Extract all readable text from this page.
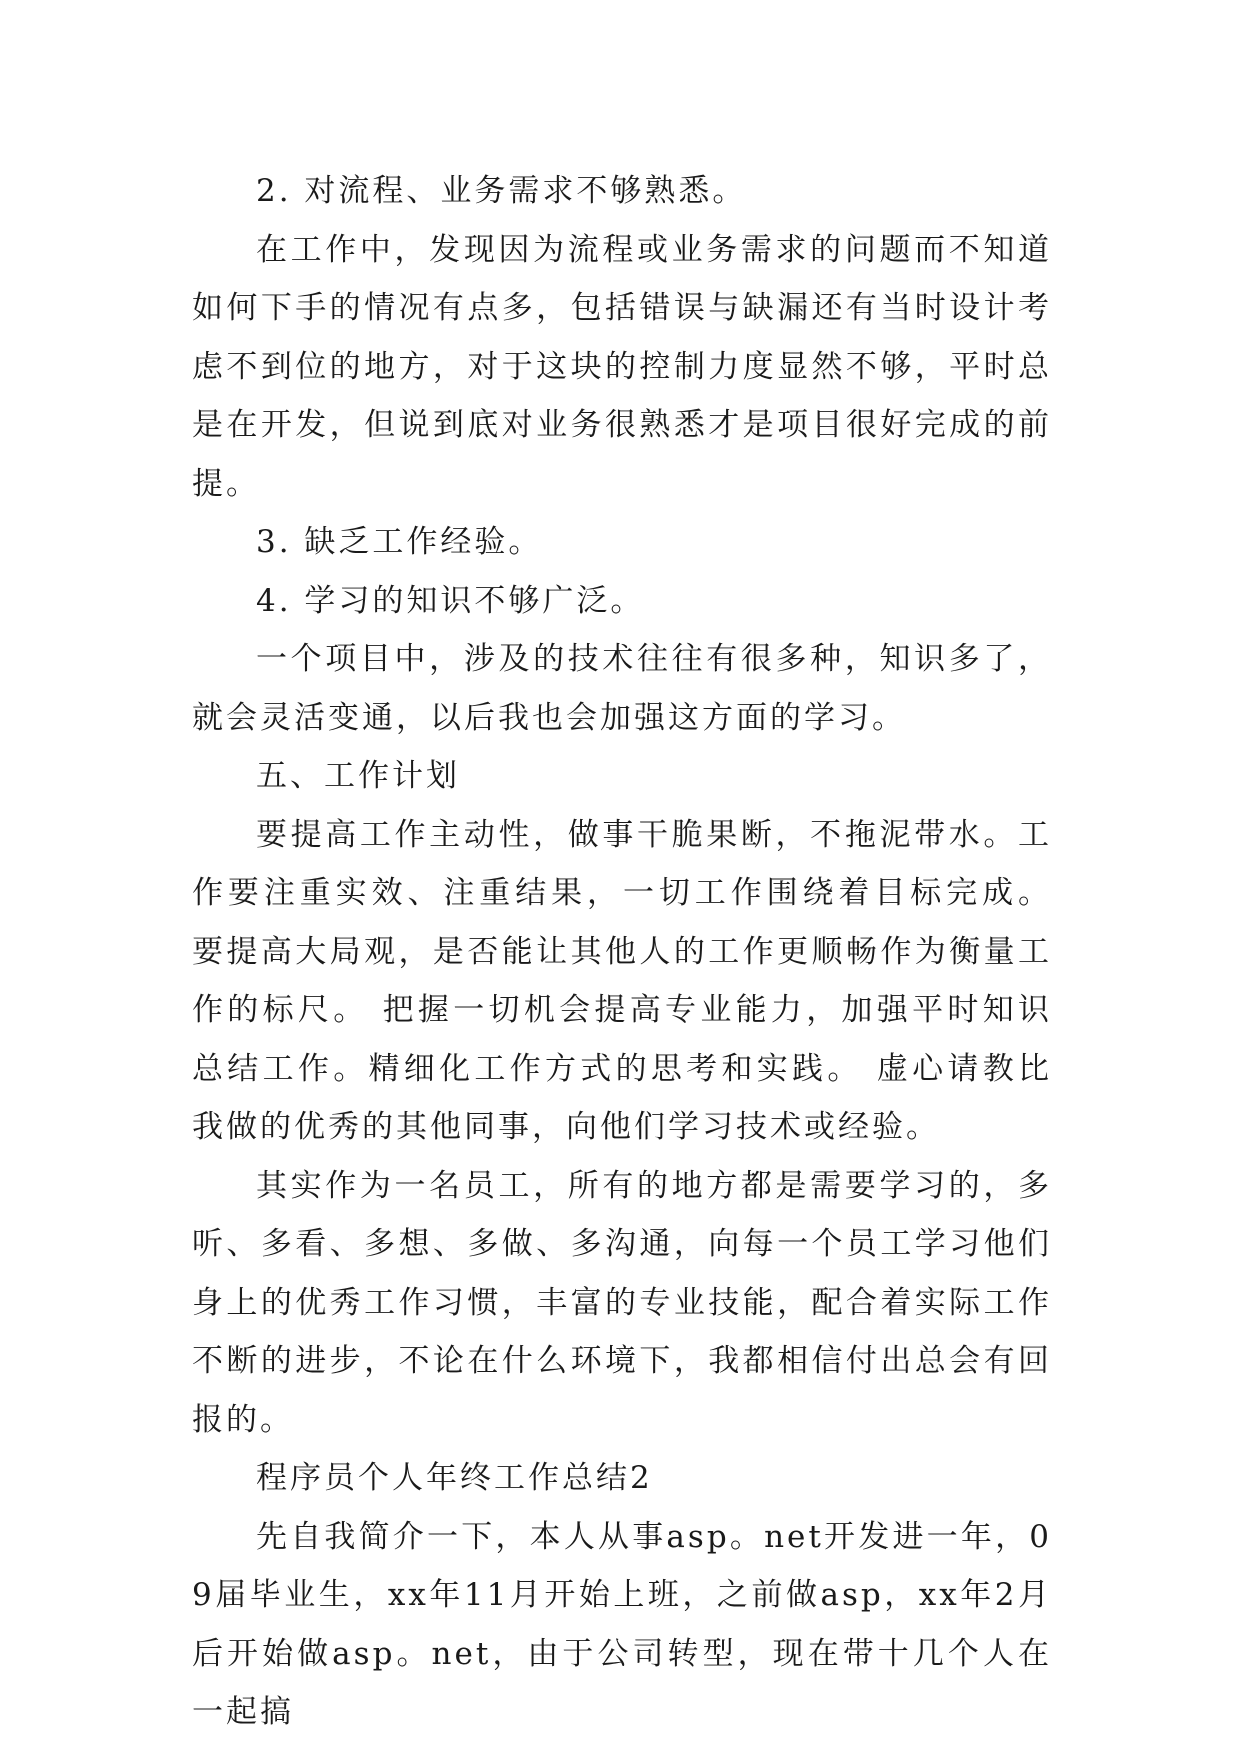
2. 对流程、业务需求不够熟悉。

在工作中，发现因为流程或业务需求的问题而不知道如何下手的情况有点多，包括错误与缺漏还有当时设计考虑不到位的地方，对于这块的控制力度显然不够，平时总是在开发，但说到底对业务很熟悉才是项目很好完成的前提。

3. 缺乏工作经验。

4. 学习的知识不够广泛。

一个项目中，涉及的技术往往有很多种，知识多了，就会灵活变通，以后我也会加强这方面的学习。

五、工作计划

要提高工作主动性，做事干脆果断，不拖泥带水。工作要注重实效、注重结果，一切工作围绕着目标完成。 要提高大局观，是否能让其他人的工作更顺畅作为衡量工作的标尺。 把握一切机会提高专业能力，加强平时知识总结工作。精细化工作方式的思考和实践。 虚心请教比我做的优秀的其他同事，向他们学习技术或经验。

其实作为一名员工，所有的地方都是需要学习的，多听、多看、多想、多做、多沟通，向每一个员工学习他们身上的优秀工作习惯，丰富的专业技能，配合着实际工作不断的进步，不论在什么环境下，我都相信付出总会有回报的。

程序员个人年终工作总结2

先自我简介一下，本人从事asp。net开发进一年，09届毕业生，xx年11月开始上班，之前做asp，xx年2月后开始做asp。net，由于公司转型，现在带十几个人在一起搞
